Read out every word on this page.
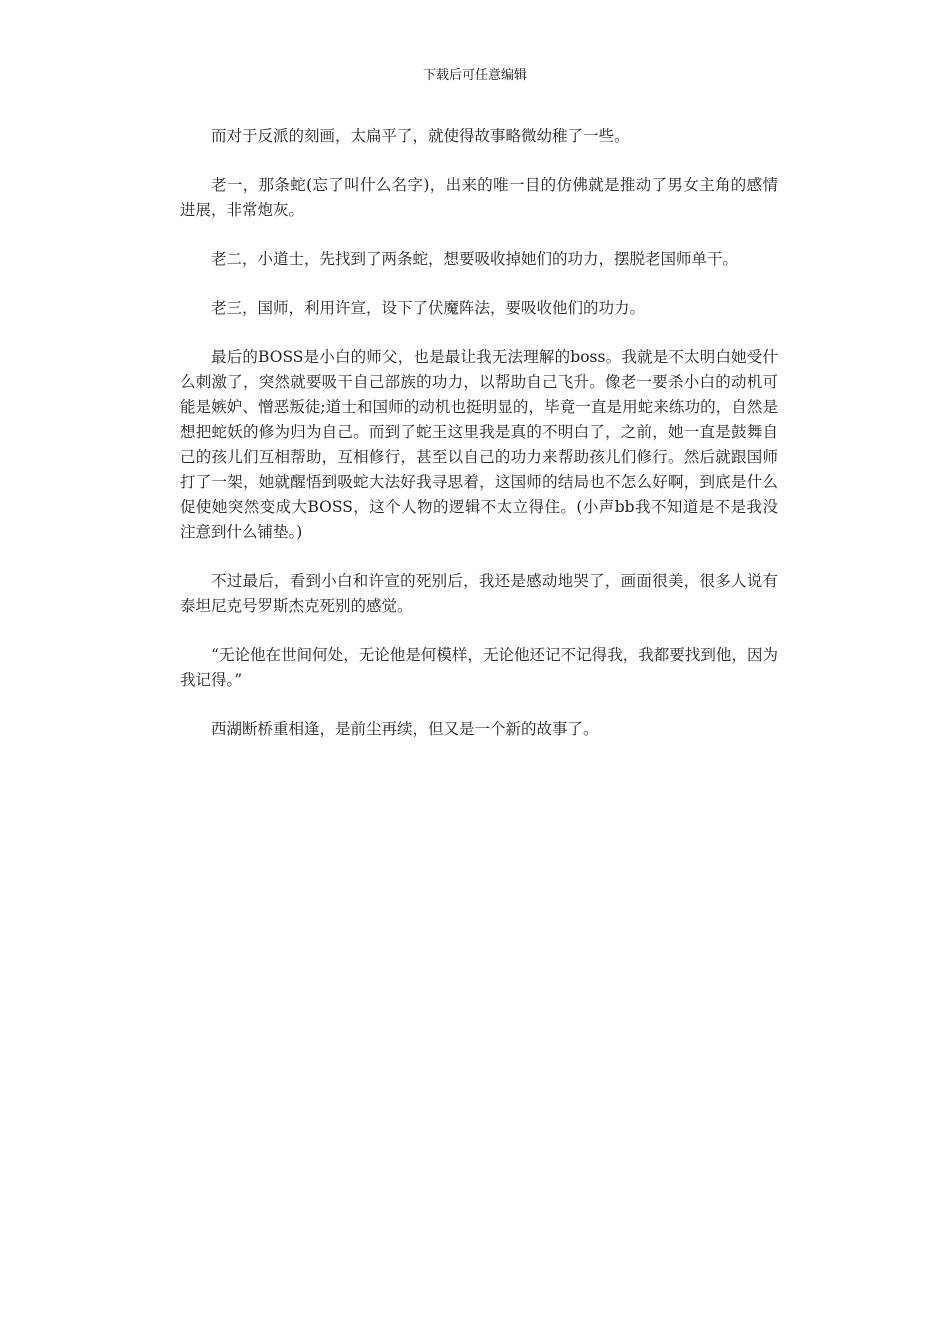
下载后可任意编辑

而对于反派的刻画，太扁平了，就使得故事略微幼稚了一些。

老一，那条蛇(忘了叫什么名字)，出来的唯一目的仿佛就是推动了男女主角的感情进展，非常炮灰。

老二，小道士，先找到了两条蛇，想要吸收掉她们的功力，摆脱老国师单干。

老三，国师，利用许宣，设下了伏魔阵法，要吸收他们的功力。

最后的BOSS是小白的师父，也是最让我无法理解的boss。我就是不太明白她受什么刺激了，突然就要吸干自己部族的功力，以帮助自己飞升。像老一要杀小白的动机可能是嫉妒、憎恶叛徒;道士和国师的动机也挺明显的，毕竟一直是用蛇来练功的，自然是想把蛇妖的修为归为自己。而到了蛇王这里我是真的不明白了，之前，她一直是鼓舞自己的孩儿们互相帮助，互相修行，甚至以自己的功力来帮助孩儿们修行。然后就跟国师打了一架，她就醒悟到吸蛇大法好我寻思着，这国师的结局也不怎么好啊，到底是什么促使她突然变成大BOSS，这个人物的逻辑不太立得住。(小声bb我不知道是不是我没注意到什么铺垫。)

不过最后，看到小白和许宣的死别后，我还是感动地哭了，画面很美，很多人说有泰坦尼克号罗斯杰克死别的感觉。

“无论他在世间何处，无论他是何模样，无论他还记不记得我，我都要找到他，因为我记得。”

西湖断桥重相逢，是前尘再续，但又是一个新的故事了。
